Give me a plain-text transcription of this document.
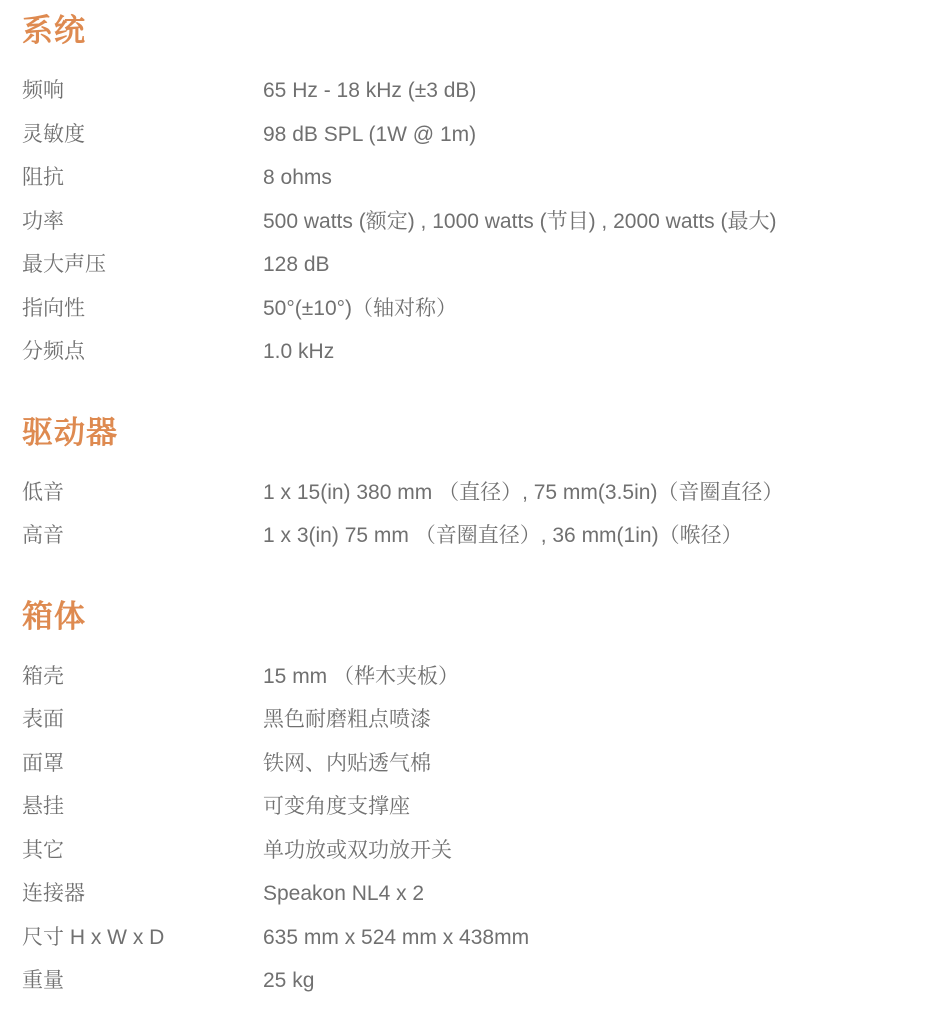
系统
频响	65 Hz - 18 kHz (±3 dB)
灵敏度	98 dB SPL (1W @ 1m)
阻抗	8 ohms
功率	500 watts (额定) , 1000 watts (节目) , 2000 watts (最大)
最大声压	128 dB
指向性	50°(±10°)（轴对称）
分频点	1.0 kHz
驱动器
低音	1 x 15(in) 380 mm （直径）, 75 mm(3.5in)（音圈直径）
高音	1 x 3(in) 75 mm （音圈直径）, 36 mm(1in)（喉径）
箱体
箱壳	15 mm （桦木夹板）
表面	黑色耐磨粗点喷漆
面罩	铁网、内贴透气棉
悬挂	可变角度支撑座
其它	单功放或双功放开关
连接器	Speakon NL4 x 2
尺寸 H x W x D	635 mm x 524 mm x 438mm
重量	25 kg
